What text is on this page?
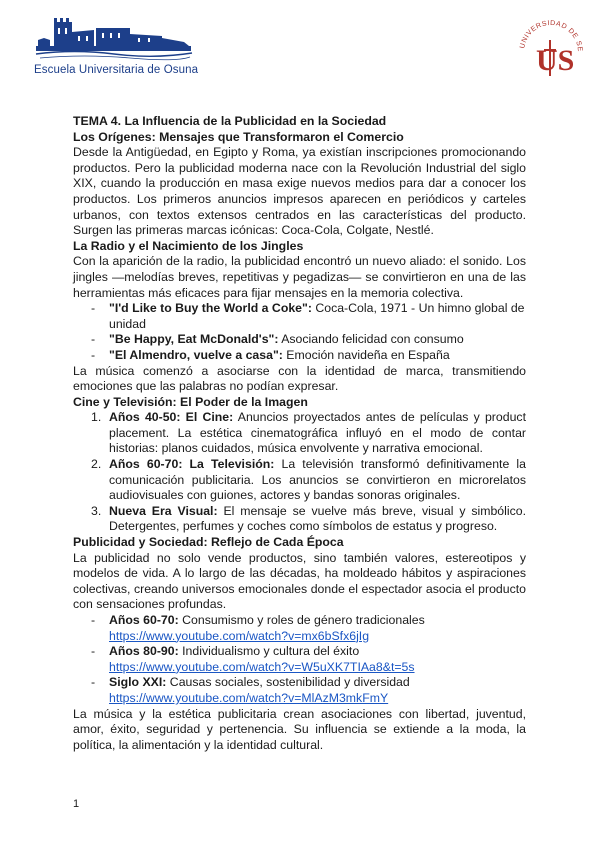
Escuela Universitaria de Osuna
UNIVERSIDAD DE SE
US
TEMA 4. La Influencia de la Publicidad en la Sociedad
Los Orígenes: Mensajes que Transformaron el Comercio

Desde la Antigüedad, en Egipto y Roma, ya existían inscripciones promocionando productos. Pero la publicidad moderna nace con la Revolución Industrial del siglo XIX, cuando la producción en masa exige nuevos medios para dar a conocer los productos. Los primeros anuncios impresos aparecen en periódicos y carteles urbanos, con textos extensos centrados en las características del producto. Surgen las primeras marcas icónicas: Coca-Cola, Colgate, Nestlé.

La Radio y el Nacimiento de los Jingles

Con la aparición de la radio, la publicidad encontró un nuevo aliado: el sonido. Los jingles —melodías breves, repetitivas y pegadizas— se convirtieron en una de las herramientas más eficaces para fijar mensajes en la memoria colectiva.

- "I'd Like to Buy the World a Coke": Coca-Cola, 1971 - Un himno global de unidad
- "Be Happy, Eat McDonald's": Asociando felicidad con consumo
- "El Almendro, vuelve a casa": Emoción navideña en España

La música comenzó a asociarse con la identidad de marca, transmitiendo emociones que las palabras no podían expresar.

Cine y Televisión: El Poder de la Imagen
1. Años 40-50: El Cine: Anuncios proyectados antes de películas y product placement. La estética cinematográfica influyó en el modo de contar historias: planos cuidados, música envolvente y narrativa emocional.
2. Años 60-70: La Televisión: La televisión transformó definitivamente la comunicación publicitaria. Los anuncios se convirtieron en microrelatos audiovisuales con guiones, actores y bandas sonoras originales.
3. Nueva Era Visual: El mensaje se vuelve más breve, visual y simbólico. Detergentes, perfumes y coches como símbolos de estatus y progreso.
Publicidad y Sociedad: Reflejo de Cada Época

La publicidad no solo vende productos, sino también valores, estereotipos y modelos de vida. A lo largo de las décadas, ha moldeado hábitos y aspiraciones colectivas, creando universos emocionales donde el espectador asocia el producto con sensaciones profundas.

- Años 60-70: Consumismo y roles de género tradicionales
https://www.youtube.com/watch?v=mx6bSfx6jIg
- Años 80-90: Individualismo y cultura del éxito
https://www.youtube.com/watch?v=W5uXK7TIAa8&t=5s
- Siglo XXI: Causas sociales, sostenibilidad y diversidad
https://www.youtube.com/watch?v=MlAzM3mkFmY

La música y la estética publicitaria crean asociaciones con libertad, juventud, amor, éxito, seguridad y pertenencia. Su influencia se extiende a la moda, la política, la alimentación y la identidad cultural.

1
